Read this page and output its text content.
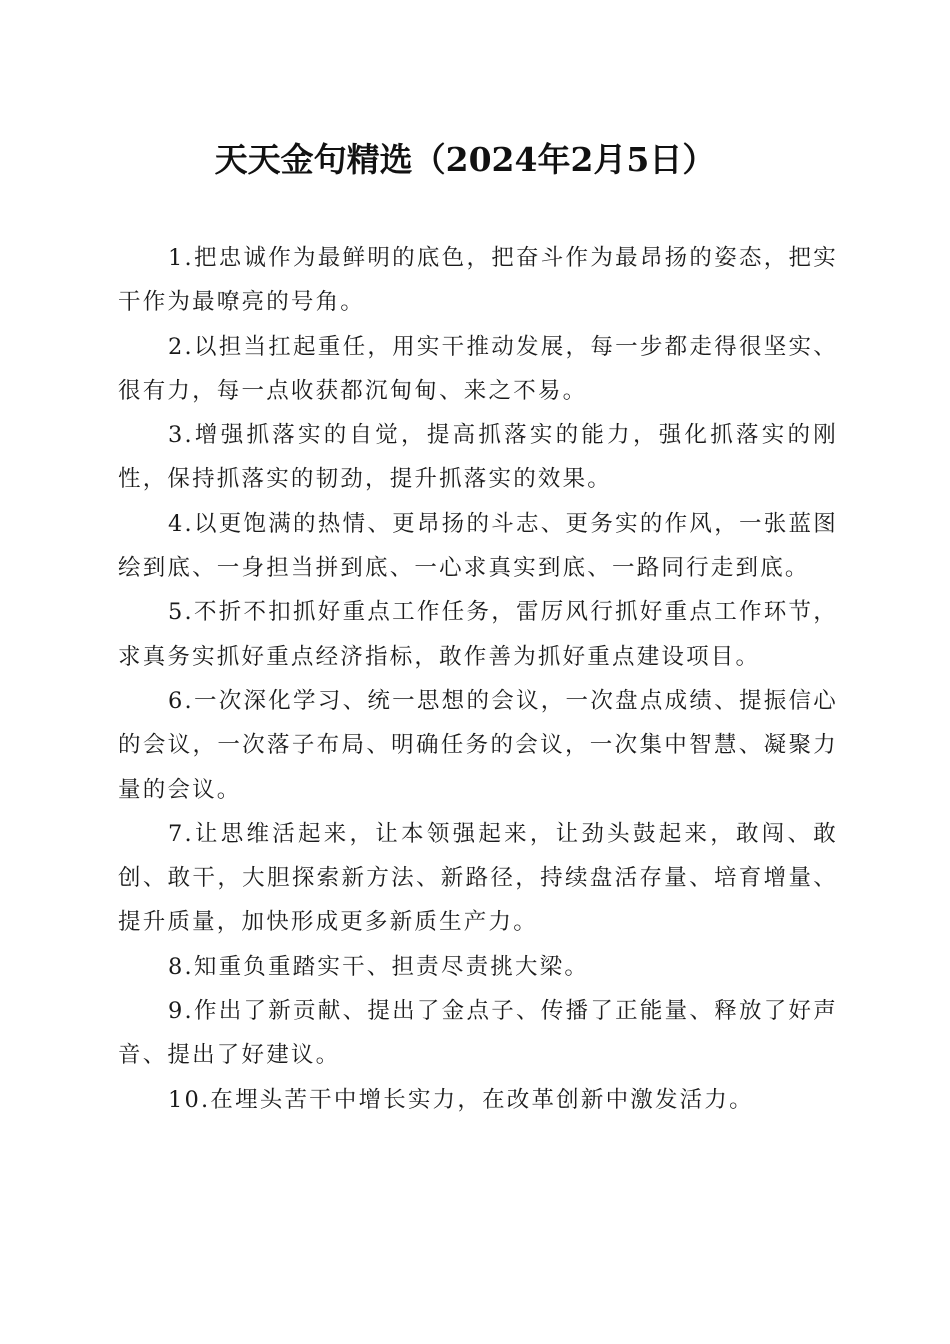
天天金句精选（2024年2月5日）

1.把忠诚作为最鲜明的底色，把奋斗作为最昂扬的姿态，把实干作为最嘹亮的号角。

2.以担当扛起重任，用实干推动发展，每一步都走得很坚实、很有力，每一点收获都沉甸甸、来之不易。

3.增强抓落实的自觉，提高抓落实的能力，强化抓落实的刚性，保持抓落实的韧劲，提升抓落实的效果。

4.以更饱满的热情、更昂扬的斗志、更务实的作风，一张蓝图绘到底、一身担当拼到底、一心求真实到底、一路同行走到底。

5.不折不扣抓好重点工作任务，雷厉风行抓好重点工作环节，求真务实抓好重点经济指标，敢作善为抓好重点建设项目。

6.一次深化学习、统一思想的会议，一次盘点成绩、提振信心的会议，一次落子布局、明确任务的会议，一次集中智慧、凝聚力量的会议。

7.让思维活起来，让本领强起来，让劲头鼓起来，敢闯、敢创、敢干，大胆探索新方法、新路径，持续盘活存量、培育增量、提升质量，加快形成更多新质生产力。

8.知重负重踏实干、担责尽责挑大梁。

9.作出了新贡献、提出了金点子、传播了正能量、释放了好声音、提出了好建议。

10.在埋头苦干中增长实力，在改革创新中激发活力。
